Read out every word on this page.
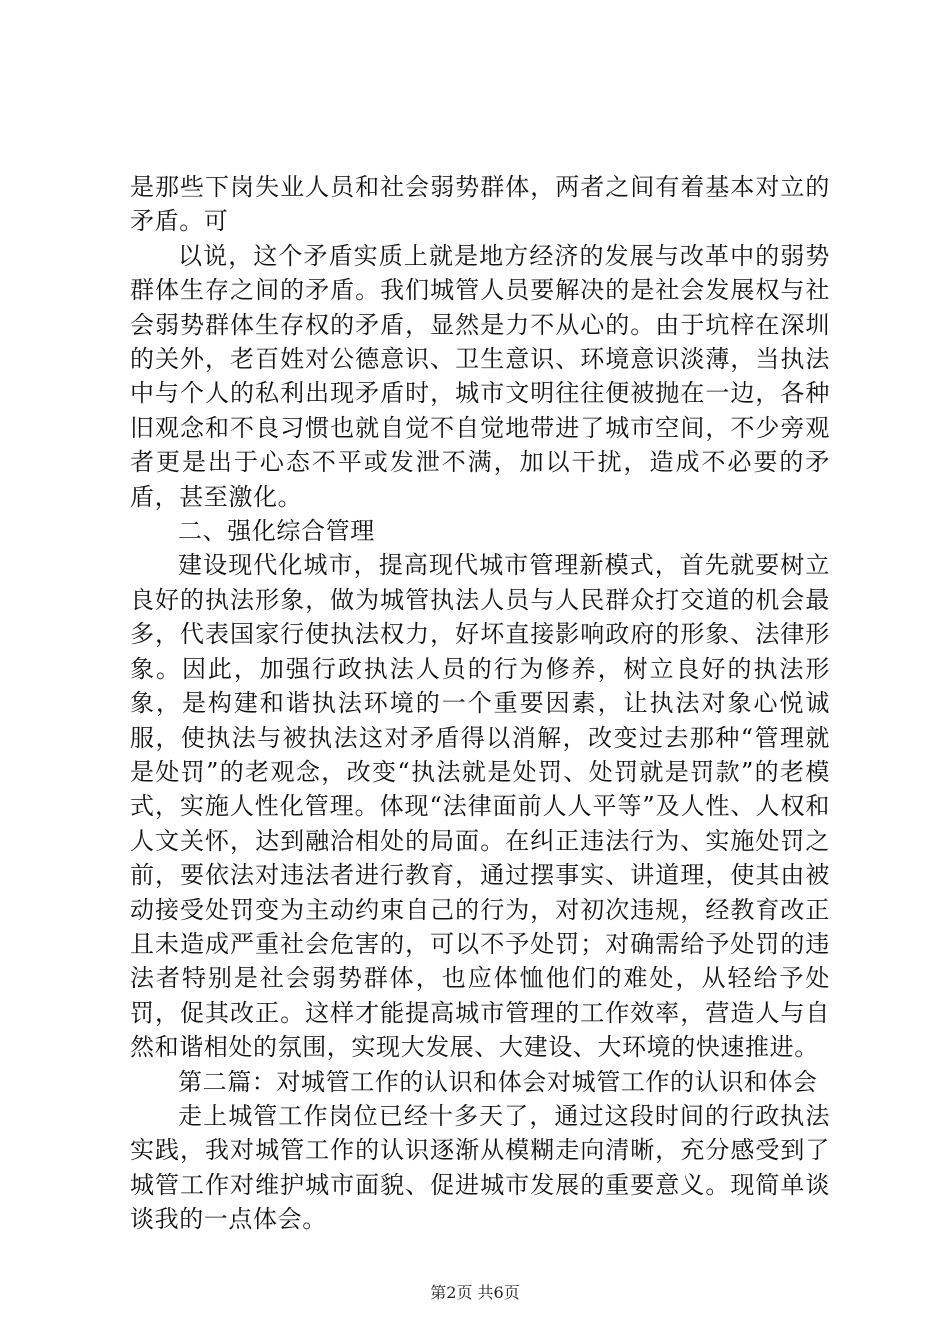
是那些下岗失业人员和社会弱势群体，两者之间有着基本对立的矛盾。可

以说，这个矛盾实质上就是地方经济的发展与改革中的弱势群体生存之间的矛盾。我们城管人员要解决的是社会发展权与社会弱势群体生存权的矛盾，显然是力不从心的。由于坑梓在深圳的关外，老百姓对公德意识、卫生意识、环境意识淡薄，当执法中与个人的私利出现矛盾时，城市文明往往便被抛在一边，各种旧观念和不良习惯也就自觉不自觉地带进了城市空间，不少旁观者更是出于心态不平或发泄不满，加以干扰，造成不必要的矛盾，甚至激化。

二、强化综合管理

建设现代化城市，提高现代城市管理新模式，首先就要树立良好的执法形象，做为城管执法人员与人民群众打交道的机会最多，代表国家行使执法权力，好坏直接影响政府的形象、法律形象。因此，加强行政执法人员的行为修养，树立良好的执法形象，是构建和谐执法环境的一个重要因素，让执法对象心悦诚服，使执法与被执法这对矛盾得以消解，改变过去那种“管理就是处罚”的老观念，改变“执法就是处罚、处罚就是罚款”的老模式，实施人性化管理。体现“法律面前人人平等”及人性、人权和人文关怀，达到融洽相处的局面。在纠正违法行为、实施处罚之前，要依法对违法者进行教育，通过摆事实、讲道理，使其由被动接受处罚变为主动约束自己的行为，对初次违规，经教育改正且未造成严重社会危害的，可以不予处罚；对确需给予处罚的违法者特别是社会弱势群体，也应体恤他们的难处，从轻给予处罚，促其改正。这样才能提高城市管理的工作效率，营造人与自然和谐相处的氛围，实现大发展、大建设、大环境的快速推进。

第二篇：对城管工作的认识和体会对城管工作的认识和体会

走上城管工作岗位已经十多天了，通过这段时间的行政执法实践，我对城管工作的认识逐渐从模糊走向清晰，充分感受到了城管工作对维护城市面貌、促进城市发展的重要意义。现简单谈谈我的一点体会。

第2页 共6页
